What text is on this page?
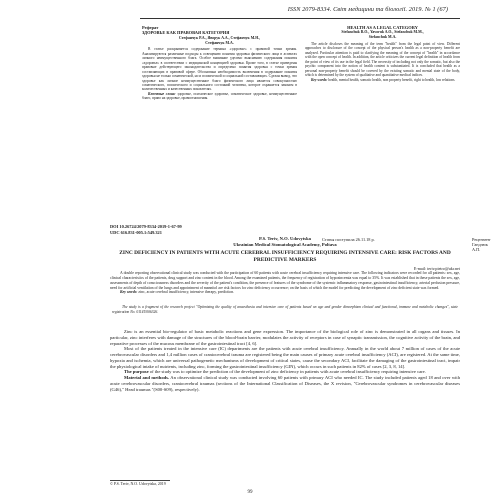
ISSN 2079-8334. Світ медицини та біології. 2019. № 1 (67)
Реферат
ЗДОРОВЬЕ КАК ПРАВОВАЯ КАТЕГОРИЯ
Стефанчук Р.А., Яворук А.А., Стефанчук М.Н.,
Стефанчук М.А.

В статье раскрывается содержание термина «здоровье» с правовой точки зрения. Анализируются различные подходы к освещению понятия здоровья физического лица в аспектах личного неимущественного блага. Особое внимание уделено выяснению содержания понятия «здоровье» в соответствии с медицинской концепцией здоровья. Кроме того, в статье приведены правовые действующего законодательства и определено понятия здоровья с точки зрения составляющих в правовой сфере. Обоснована необходимость включения в содержание понятия здоровья не только соматической, но и психической и социальной составляющих. Сделан вывод, что здоровье как личное неимущественное благо физического лица является совокупностью соматического, психического и социального состояний человека, которое охраняется законом в количественных и качественных показателях.

Ключевые слова: здоровье, психическое здоровье, соматическое здоровье, неимущественное благо, право на здоровье, правоотношения.

HEALTH AS A LEGAL CATEGORY
Stefanchuk R.O., Yavoruk A.O., Stefanchuk M.M.,
Stefanchuk M.A.

The article discloses the meaning of the term "health" from the legal point of view. Different approaches to disclosure of the concept of the physical person's health as a non-property benefit are analyzed. Particular attention is paid to clarifying the meaning of the concept of "health" in accordance with the open concept of health. In addition, the article criticizes the current legal definition of health from the point of view of its use in the legal field. The necessity of including not only the somatic, but also the psychic component into the notion of health content is substantiated. It is concluded that health as a personal non-property benefit should be covered by the existing somatic and mental state of the body, which is determined by the system of qualitative and quantitative medical indices.

Key words: health, mental health, somatic health, non property benefit, right to health, law relations.

Статья поступила 26.11.18 р.	Рецензент Гандзюк А.П.
DOI 10.26724/2079-8334-2019-1-67-99
UDC 616.831-005.1:549.321
P.S. Teriv, N.O. Udovytska
Ukrainian Medical Stomatological Academy, Poltava
ZINC DEFICIENCY IN PATIENTS WITH ACUTE CEREBRAL INSUFFICIENCY REQUIRING INTENSIVE CARE: RISK FACTORS AND PREDICTIVE MARKERS
E-mail: teriv.pietro@ukr.net

A double reporting observational clinical study was conducted with the participation of 60 patients with acute cerebral insufficiency requiring intensive care. The following indicators were recorded for all patients: sex, age, clinical characteristics of the patients, drug support and zinc content in the blood. Among the examined patients, the frequency of registration of hypozincemia was equal to 35%. It was established that in these patients the sex, age, assessments of depth of consciousness disorders and the severity of the patient's condition, the presence of features of the syndrome of the systemic inflammatory response, gastrointestinal insufficiency, arterial perfusion pressure, need for artificial ventilation of the lungs and appointment of mannitol are risk factors for zinc deficiency occurrence; on the basis of which the model for predicting the development of zinc deficient state was formed.

Key words: zinc, acute cerebral insufficiency, intensive therapy, prediction.

The study is a fragment of the research project "Optimizing the quality of anaesthesia and intensive care of patients based on age and gender dimorphism clinical and functional, immune and metabolic changes", state registration No. 0114U006326.

Zinc is an essential bio-regulator of basic metabolic reactions and gene expression. The importance of the biological role of zinc is demonstrated in all organs and tissues. In particular, zinc interferes with damage of the structures of the blood-brain barrier, modulates the activity of receptors in case of synaptic transmission, the cognitive activity of the brain, and reparative processes of the mucous membrane of the gastrointestinal tract [4, 6].

Most of the patients treated in the intensive care (IC) departments are the patients with acute cerebral insufficiency. Annually in the world about 7 million of cases of the acute cerebrovascular disorders and 1,4 million cases of craniocerebral trauma are registered being the main causes of primary acute cerebral insufficiency (ACI), are registered. At the same time, hypoxia and ischemia, which are universal pathogenetic mechanisms of development of critical states, cause the secondary ACI, facilitate the damaging of the gastrointestinal tract, impair the physiological intake of nutrients, including zinc, forming the gastrointestinal insufficiency (GIN), which occurs in such patients in 82% of cases [2, 3, 8, 14].

The purpose of the study was to optimize the prediction of the development of zinc deficiency in patients with acute cerebral insufficiency requiring intensive care.

Material and methods. An observational clinical study was conducted involving 60 patients with primary ACI who needed IC. The study included patients aged 18 and over with acute cerebrovascular disorders, craniocerebral traumas (sections of the International Classification of Diseases, the X revision, "Cerebrovascular syndromes in cerebrovascular diseases (G46)," Head traumas "(S00-S09), respectively).

© P.S. Teriv, N.O. Udovytska, 2019
99
